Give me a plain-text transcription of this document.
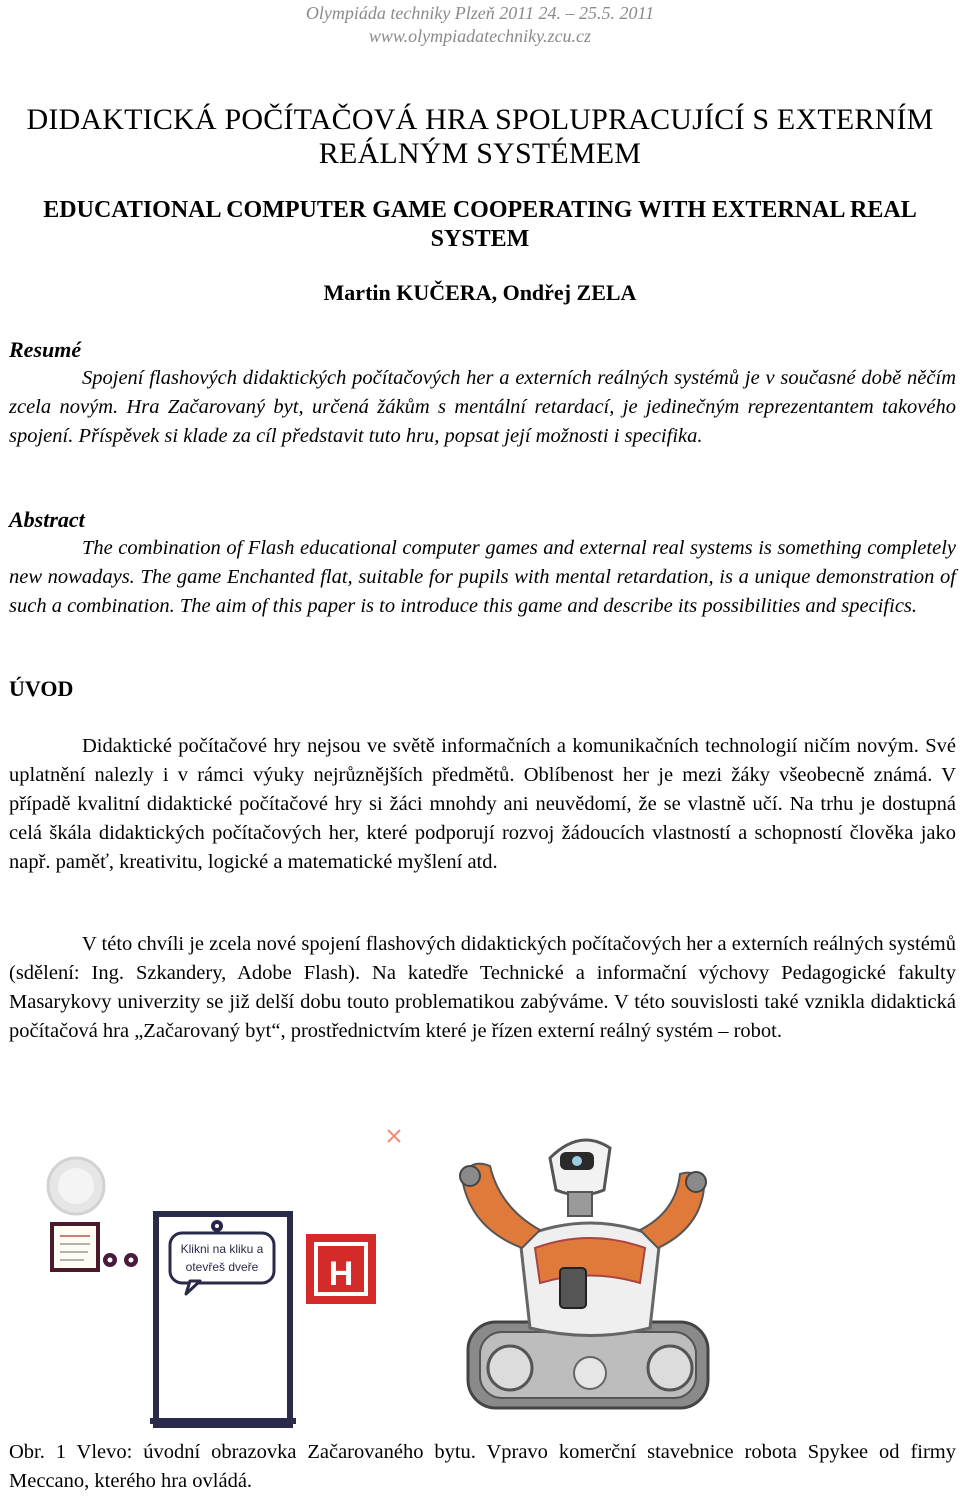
Olympiáda techniky Plzeň 2011 24. – 25.5. 2011
www.olympiadatechniky.zcu.cz
DIDAKTICKÁ POČÍTAČOVÁ HRA SPOLUPRACUJÍCÍ S EXTERNÍM
REÁLNÝM SYSTÉMEM
EDUCATIONAL COMPUTER GAME COOPERATING WITH EXTERNAL REAL
SYSTEM
Martin KUČERA, Ondřej ZELA
Resumé
Spojení flashových didaktických počítačových her a externích reálných systémů je v současné době něčím zcela novým. Hra Začarovaný byt, určená žákům s mentální retardací, je jedinečným reprezentantem takového spojení. Příspěvek si klade za cíl představit tuto hru, popsat její možnosti i specifika.
Abstract
The combination of Flash educational computer games and external real systems is something completely new nowadays. The game Enchanted flat, suitable for pupils with mental retardation, is a unique demonstration of such a combination. The aim of this paper is to introduce this game and describe its possibilities and specifics.
ÚVOD
Didaktické počítačové hry nejsou ve světě informačních a komunikačních technologií ničím novým. Své uplatnění nalezly i v rámci výuky nejrůznějších předmětů. Oblíbenost her je mezi žáky všeobecně známá. V případě kvalitní didaktické počítačové hry si žáci mnohdy ani neuvědomí, že se vlastně učí. Na trhu je dostupná celá škála didaktických počítačových her, které podporují rozvoj žádoucích vlastností a schopností člověka jako např. paměť, kreativitu, logické a matematické myšlení atd.
V této chvíli je zcela nové spojení flashových didaktických počítačových her a externích reálných systémů (sdělení: Ing. Szkandery, Adobe Flash). Na katedře Technické a informační výchovy Pedagogické fakulty Masarykovy univerzity se již delší dobu touto problematikou zabýváme. V této souvislosti také vznikla didaktická počítačová hra „Začarovaný byt“, prostřednictvím které je řízen externí reálný systém – robot.
Klikni na kliku a
otevřeš dveře H
Obr. 1 Vlevo: úvodní obrazovka Začarovaného bytu. Vpravo komerční stavebnice robota Spykee od firmy Meccano, kterého hra ovládá.
